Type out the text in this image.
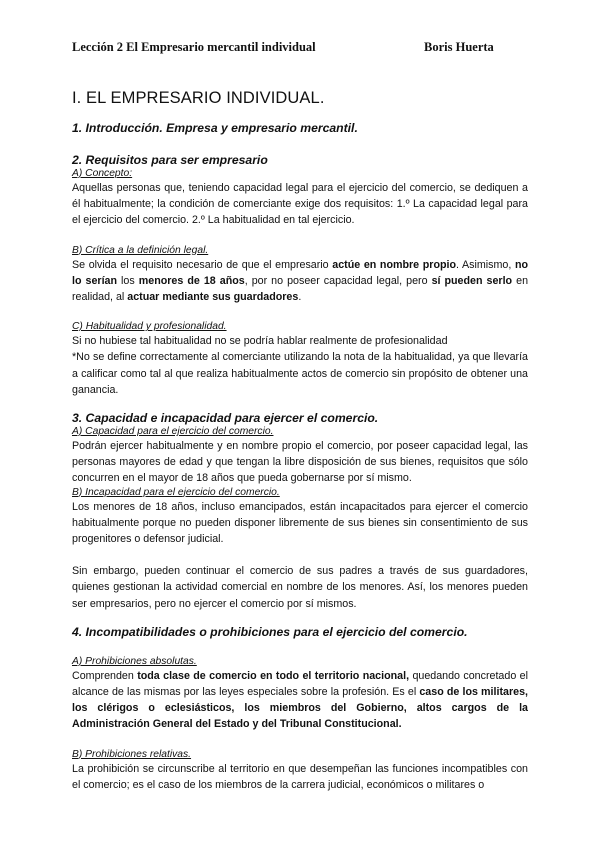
Lección 2 El Empresario mercantil individual	Boris Huerta
I. EL EMPRESARIO INDIVIDUAL.
1. Introducción. Empresa y empresario mercantil.
2. Requisitos para ser empresario
A) Concepto:

Aquellas personas que, teniendo capacidad legal para el ejercicio del comercio, se dediquen a él habitualmente; la condición de comerciante exige dos requisitos: 1.º La capacidad legal para el ejercicio del comercio. 2.º La habitualidad en tal ejercicio.

B) Crítica a la definición legal.

Se olvida el requisito necesario de que el empresario actúe en nombre propio. Asimismo, no lo serían los menores de 18 años, por no poseer capacidad legal, pero sí pueden serlo en realidad, al actuar mediante sus guardadores.

C) Habitualidad y profesionalidad.

Si no hubiese tal habitualidad no se podría hablar realmente de profesionalidad

*No se define correctamente al comerciante utilizando la nota de la habitualidad, ya que llevaría a calificar como tal al que realiza habitualmente actos de comercio sin propósito de obtener una ganancia.

3. Capacidad e incapacidad para ejercer el comercio.
A) Capacidad para el ejercicio del comercio.

Podrán ejercer habitualmente y en nombre propio el comercio, por poseer capacidad legal, las personas mayores de edad y que tengan la libre disposición de sus bienes, requisitos que sólo concurren en el mayor de 18 años que pueda gobernarse por sí mismo.

B) Incapacidad para el ejercicio del comercio.

Los menores de 18 años, incluso emancipados, están incapacitados para ejercer el comercio habitualmente porque no pueden disponer libremente de sus bienes sin consentimiento de sus progenitores o defensor judicial.

Sin embargo, pueden continuar el comercio de sus padres a través de sus guardadores, quienes gestionan la actividad comercial en nombre de los menores. Así, los menores pueden ser empresarios, pero no ejercer el comercio por sí mismos.

4. Incompatibilidades o prohibiciones para el ejercicio del comercio.
A) Prohibiciones absolutas.

Comprenden toda clase de comercio en todo el territorio nacional, quedando concretado el alcance de las mismas por las leyes especiales sobre la profesión. Es el caso de los militares, los clérigos o eclesiásticos, los miembros del Gobierno, altos cargos de la Administración General del Estado y del Tribunal Constitucional.

B) Prohibiciones relativas.

La prohibición se circunscribe al territorio en que desempeñan las funciones incompatibles con el comercio; es el caso de los miembros de la carrera judicial, económicos o militares o
